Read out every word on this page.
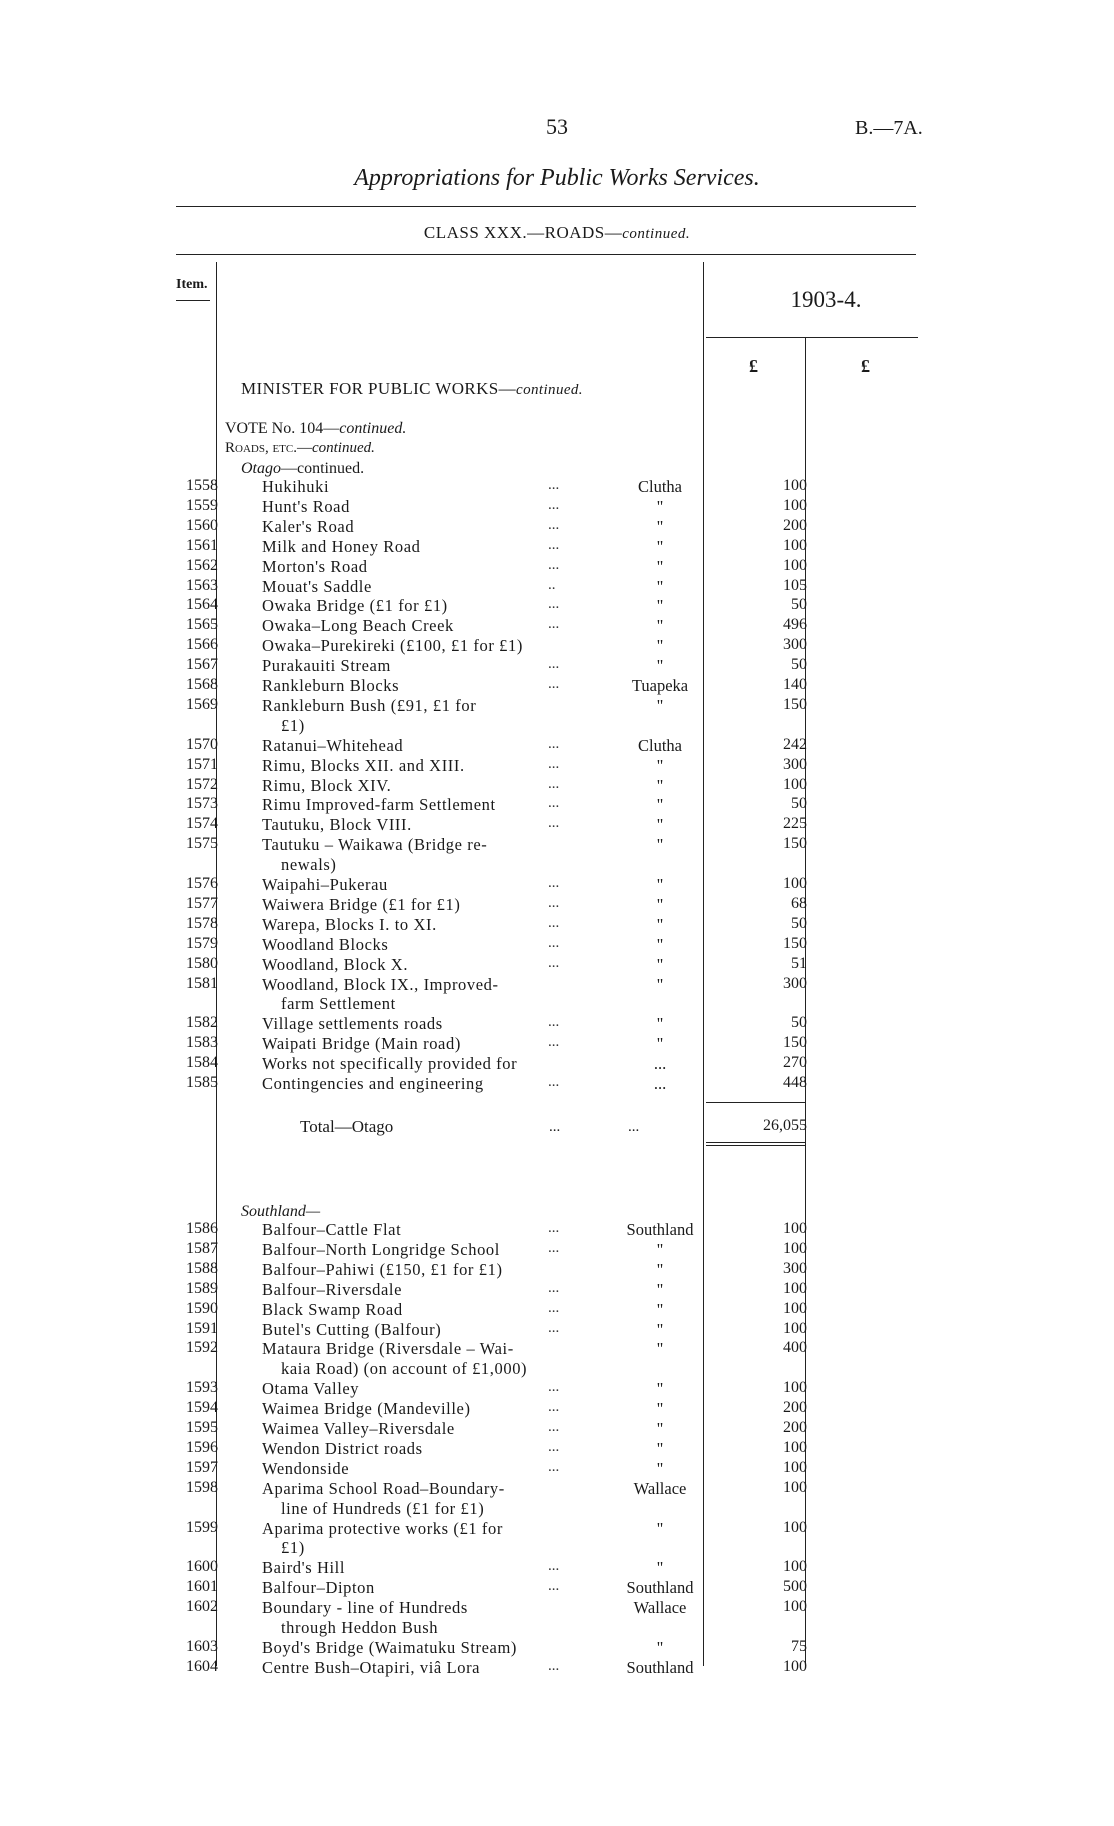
53	B.—7A.
Appropriations for Public Works Services.
CLASS XXX.—ROADS—continued.
Item.
1903-4.
£	£
MINISTER FOR PUBLIC WORKS—continued.
VOTE No. 104—continued.
Roads, etc.—continued.
Otago—continued.
1558	Hukihuki	...	Clutha	100
1559	Hunt's Road	...	"	100
1560	Kaler's Road	...	"	200
1561	Milk and Honey Road	...	"	100
1562	Morton's Road	...	"	100
1563	Mouat's Saddle	..	"	105
1564	Owaka Bridge (£1 for £1)	...	"	50
1565	Owaka–Long Beach Creek	...	"	496
1566	Owaka–Purekireki (£100, £1 for £1)	"	300
1567	Purakauiti Stream	...	"	50
1568	Rankleburn Blocks	...	Tuapeka	140
1569	Rankleburn Bush (£91, £1 for	"	150
£1)
1570	Ratanui–Whitehead	...	Clutha	242
1571	Rimu, Blocks XII. and XIII.	...	"	300
1572	Rimu, Block XIV.	...	"	100
1573	Rimu Improved-farm Settlement	...	"	50
1574	Tautuku, Block VIII.	...	"	225
1575	Tautuku – Waikawa (Bridge re-	"	150
newals)
1576	Waipahi–Pukerau	...	"	100
1577	Waiwera Bridge (£1 for £1)	...	"	68
1578	Warepa, Blocks I. to XI.	...	"	50
1579	Woodland Blocks	...	"	150
1580	Woodland, Block X.	...	"	51
1581	Woodland, Block IX., Improved-	"	300
farm Settlement
1582	Village settlements roads	...	"	50
1583	Waipati Bridge (Main road)	...	"	150
1584	Works not specifically provided for	...	270
1585	Contingencies and engineering	...	...	448
Total—Otago	...	...	26,055
Southland—
1586	Balfour–Cattle Flat	...	Southland	100
1587	Balfour–North Longridge School	...	"	100
1588	Balfour–Pahiwi (£150, £1 for £1)	"	300
1589	Balfour–Riversdale	...	"	100
1590	Black Swamp Road	...	"	100
1591	Butel's Cutting (Balfour)	...	"	100
1592	Mataura Bridge (Riversdale – Wai-	"	400
kaia Road) (on account of £1,000)
1593	Otama Valley	...	"	100
1594	Waimea Bridge (Mandeville)	...	"	200
1595	Waimea Valley–Riversdale	...	"	200
1596	Wendon District roads	...	"	100
1597	Wendonside	...	"	100
1598	Aparima School Road–Boundary-	Wallace	100
line of Hundreds (£1 for £1)
1599	Aparima protective works (£1 for	"	100
£1)
1600	Baird's Hill	...	"	100
1601	Balfour–Dipton	...	Southland	500
1602	Boundary - line of Hundreds	Wallace	100
through Heddon Bush
1603	Boyd's Bridge (Waimatuku Stream)	"	75
1604	Centre Bush–Otapiri, viâ Lora	...	Southland	100
